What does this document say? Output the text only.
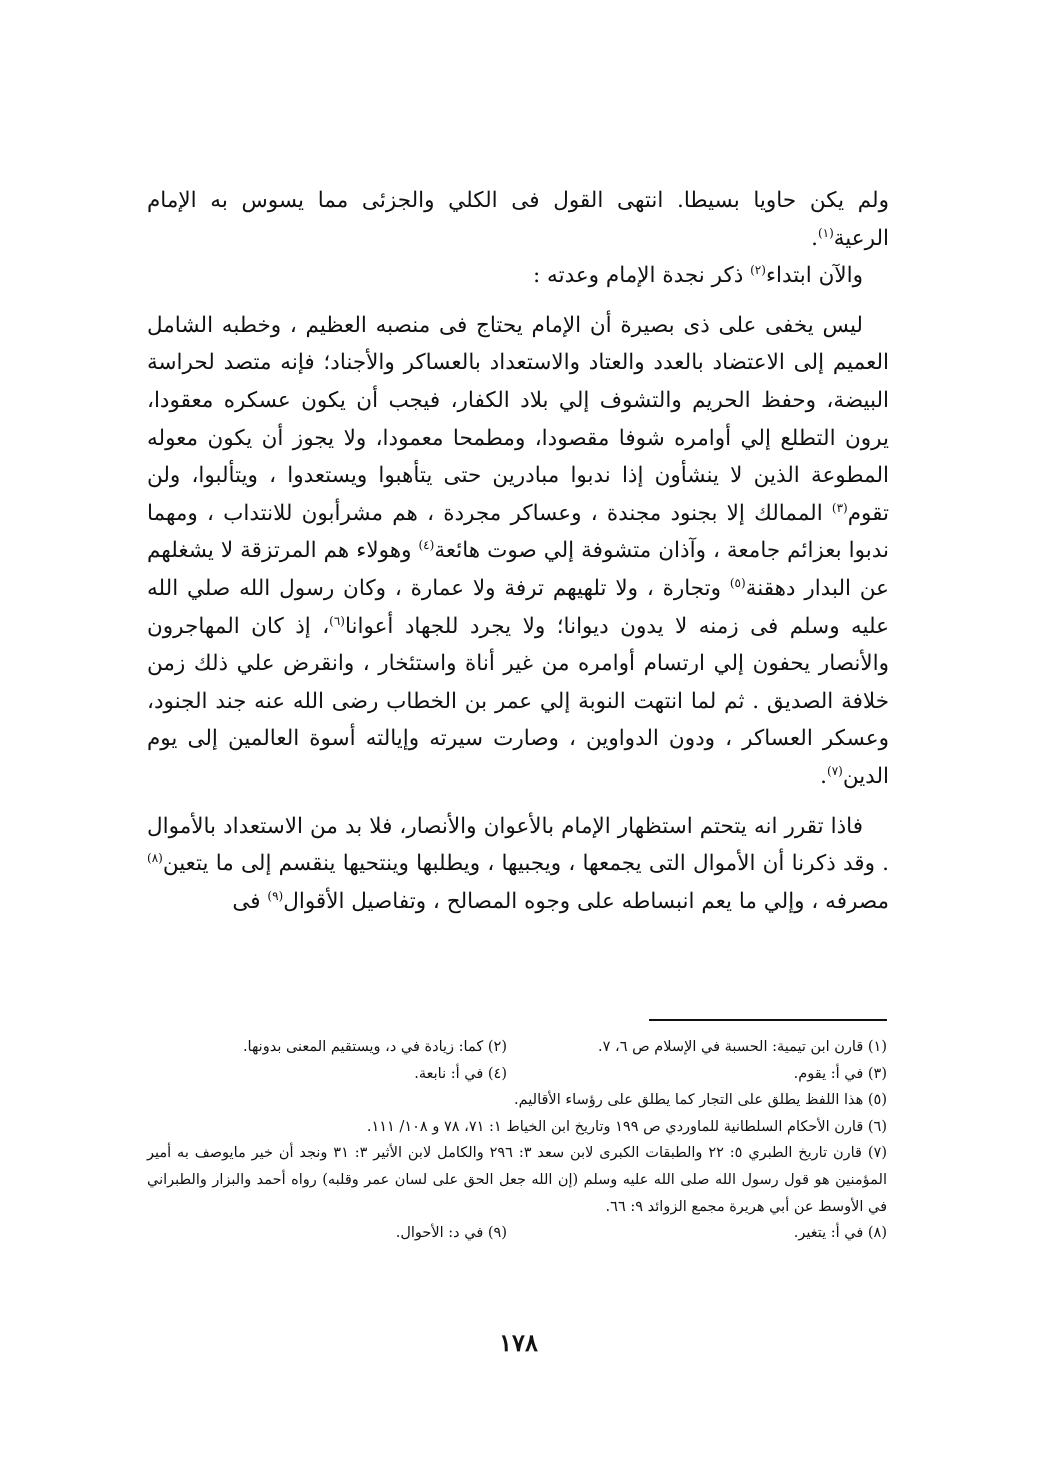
ولم يكن حاويا بسيطا. انتهى القول فى الكلي والجزئى مما يسوس به الإمام الرعية$^{(١)}$.

والآن ابتداء$^{(٢)}$ ذكر نجدة الإمام وعدته :

ليس يخفى على ذى بصيرة أن الإمام يحتاج فى منصبه العظيم ، وخطبه الشامل العميم إلى الاعتضاد بالعدد والعتاد والاستعداد بالعساكر والأجناد؛ فإنه متصد لحراسة البيضة، وحفظ الحريم والتشوف إلي بلاد الكفار، فيجب أن يكون عسكره معقودا، يرون التطلع إلي أوامره شوفا مقصودا، ومطمحا معمودا، ولا يجوز أن يكون معوله المطوعة الذين لا ينشأون إذا ندبوا مبادرين حتى يتأهبوا ويستعدوا ، ويتألبوا، ولن تقوم$^{(٣)}$ الممالك إلا بجنود مجندة ، وعساكر مجردة ، هم مشرأبون للانتداب ، ومهما ندبوا بعزائم جامعة ، وآذان متشوفة إلي صوت هائعة$^{(٤)}$ وهولاء هم المرتزقة لا يشغلهم عن البدار دهقنة$^{(٥)}$ وتجارة ، ولا تلهيهم ترفة ولا عمارة ، وكان رسول الله صلي الله عليه وسلم فى زمنه لا يدون ديوانا؛ ولا يجرد للجهاد أعوانا$^{(٦)}$، إذ كان المهاجرون والأنصار يحفون إلي ارتسام أوامره من غير أناة واستئخار ، وانقرض علي ذلك زمن خلافة الصديق . ثم لما انتهت النوبة إلي عمر بن الخطاب رضى الله عنه جند الجنود، وعسكر العساكر ، ودون الدواوين ، وصارت سيرته وإيالته أسوة العالمين إلى يوم الدين$^{(٧)}$.

فاذا تقرر انه يتحتم استظهار الإمام بالأعوان والأنصار، فلا بد من الاستعداد بالأموال . وقد ذكرنا أن الأموال التى يجمعها ، ويجبيها ، ويطلبها وينتحيها ينقسم إلى ما يتعين$^{(٨)}$ مصرفه ، وإلي ما يعم انبساطه على وجوه المصالح ، وتفاصيل الأقوال$^{(٩)}$ فى

(١) قارن ابن تيمية: الحسبة في الإسلام ص ٦، ٧.
(٢) كما: زيادة في د، ويستقيم المعنى بدونها.
(٣) في أ: يقوم.
(٤) في أ: نابعة.
(٥) هذا اللفظ يطلق على التجار كما يطلق على رؤساء الأقاليم.
(٦) قارن الأحكام السلطانية للماوردي ص ١٩٩ وتاريخ ابن الخياط ١: ٧١، ٧٨ و ١٠٨/ ١١١.
(٧) قارن تاريخ الطبري ٥: ٢٢ والطبقات الكبرى لابن سعد ٣: ٢٩٦ والكامل لابن الأثير ٣: ٣١ ونجد أن خير مايوصف به أمير المؤمنين هو قول رسول الله صلى الله عليه وسلم (إن الله جعل الحق على لسان عمر وقلبه) رواه أحمد والبزار والطبراني في الأوسط عن أبي هريرة مجمع الزوائد ٩: ٦٦.
(٨) في أ: يتغير.
(٩) في د: الأحوال.
١٧٨
